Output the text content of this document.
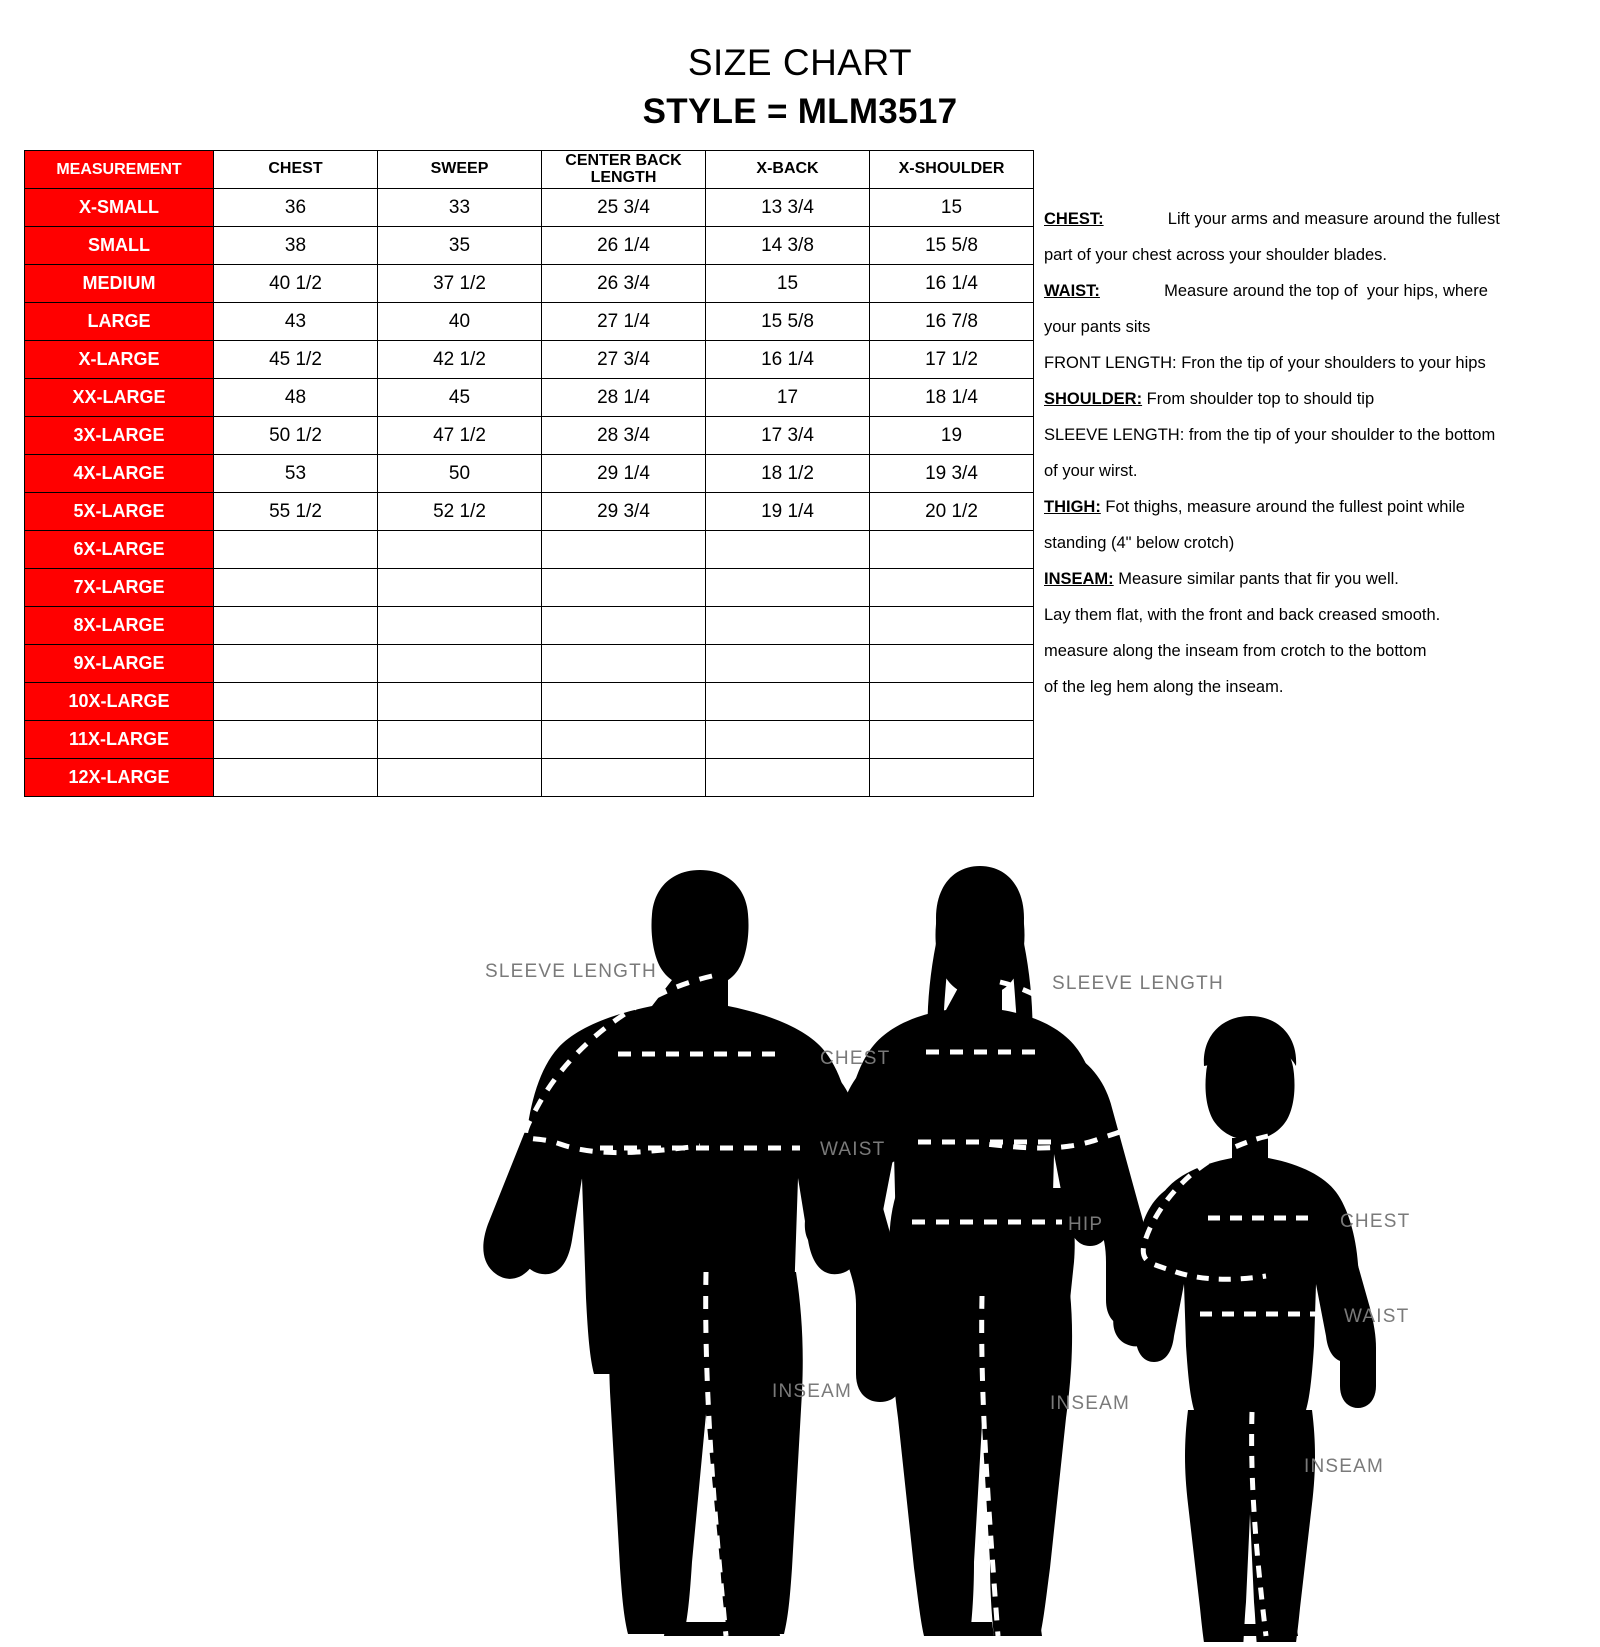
SIZE CHART
STYLE = MLM3517
MEASUREMENT	CHEST	SWEEP	CENTER BACK LENGTH	X-BACK	X-SHOULDER
X-SMALL	36	33	25 3/4	13 3/4	15
SMALL	38	35	26 1/4	14 3/8	15 5/8
MEDIUM	40 1/2	37 1/2	26 3/4	15	16 1/4
LARGE	43	40	27 1/4	15 5/8	16 7/8
X-LARGE	45 1/2	42 1/2	27 3/4	16 1/4	17 1/2
XX-LARGE	48	45	28 1/4	17	18 1/4
3X-LARGE	50 1/2	47 1/2	28 3/4	17 3/4	19
4X-LARGE	53	50	29 1/4	18 1/2	19 3/4
5X-LARGE	55 1/2	52 1/2	29 3/4	19 1/4	20 1/2
6X-LARGE					
7X-LARGE					
8X-LARGE					
9X-LARGE					
10X-LARGE					
11X-LARGE					
12X-LARGE					
CHEST:	Lift your arms and measure around the fullest
part of your chest across your shoulder blades.
WAIST:	Measure around the top of  your hips, where
your pants sits
FRONT LENGTH: Fron the tip of your shoulders to your hips
SHOULDER: From shoulder top to should tip
SLEEVE LENGTH: from the tip of your shoulder to the bottom
of your wirst.
THIGH: Fot thighs, measure around the fullest point while
standing (4" below crotch)
INSEAM: Measure similar pants that fir you well.
Lay them flat, with the front and back creased smooth.
measure along the inseam from crotch to the bottom
of the leg hem along the inseam.
SLEEVE LENGTH
CHEST
WAIST
INSEAM
SLEEVE LENGTH
HIP
INSEAM
CHEST
WAIST
INSEAM
